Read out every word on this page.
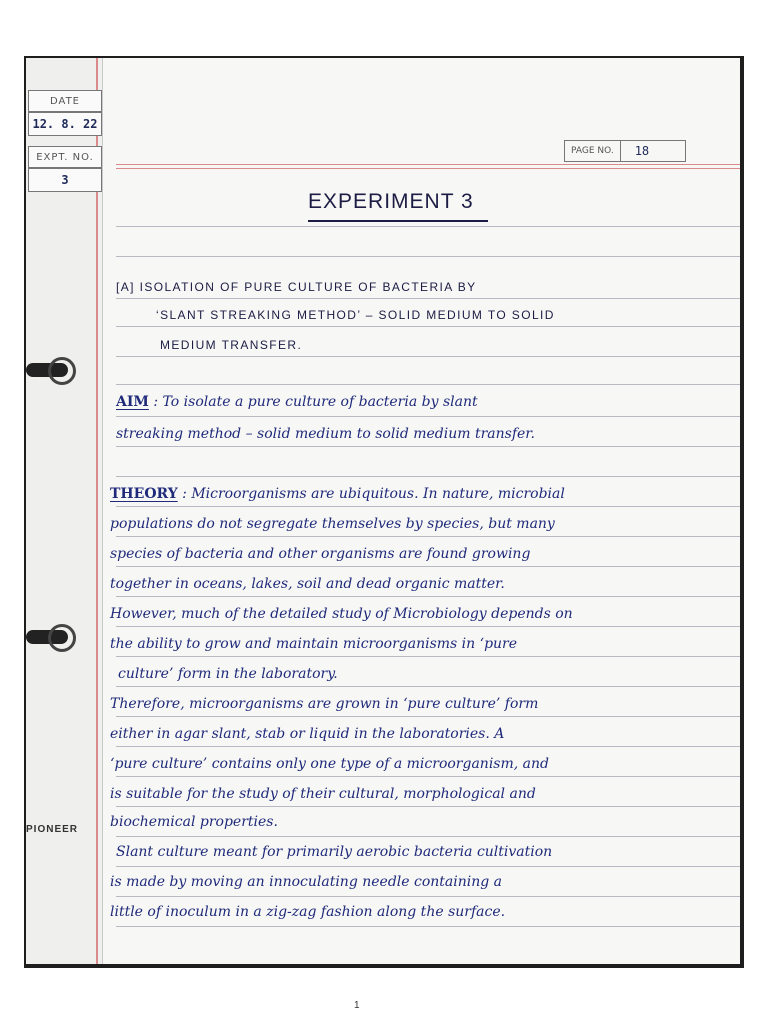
DATE
12. 8. 22
EXPT. NO.
3
PIONEER
PAGE NO.	18
EXPERIMENT 3
[A] ISOLATION OF PURE CULTURE OF BACTERIA BY
‘SLANT STREAKING METHOD’ – SOLID MEDIUM TO SOLID
MEDIUM TRANSFER.
AIM : To isolate a pure culture of bacteria by slant
streaking method – solid medium to solid medium transfer.
THEORY : Microorganisms are ubiquitous. In nature, microbial
populations do not segregate themselves by species, but many
species of bacteria and other organisms are found growing
together in oceans, lakes, soil and dead organic matter.
However, much of the detailed study of Microbiology depends on
the ability to grow and maintain microorganisms in ‘pure
culture’ form in the laboratory.
Therefore, microorganisms are grown in ‘pure culture’ form
either in agar slant, stab or liquid in the laboratories. A
‘pure culture’ contains only one type of a microorganism, and
is suitable for the study of their cultural, morphological and
biochemical properties.
Slant culture meant for primarily aerobic bacteria cultivation
is made by moving an innoculating needle containing a
little of inoculum in a zig-zag fashion along the surface.
1
